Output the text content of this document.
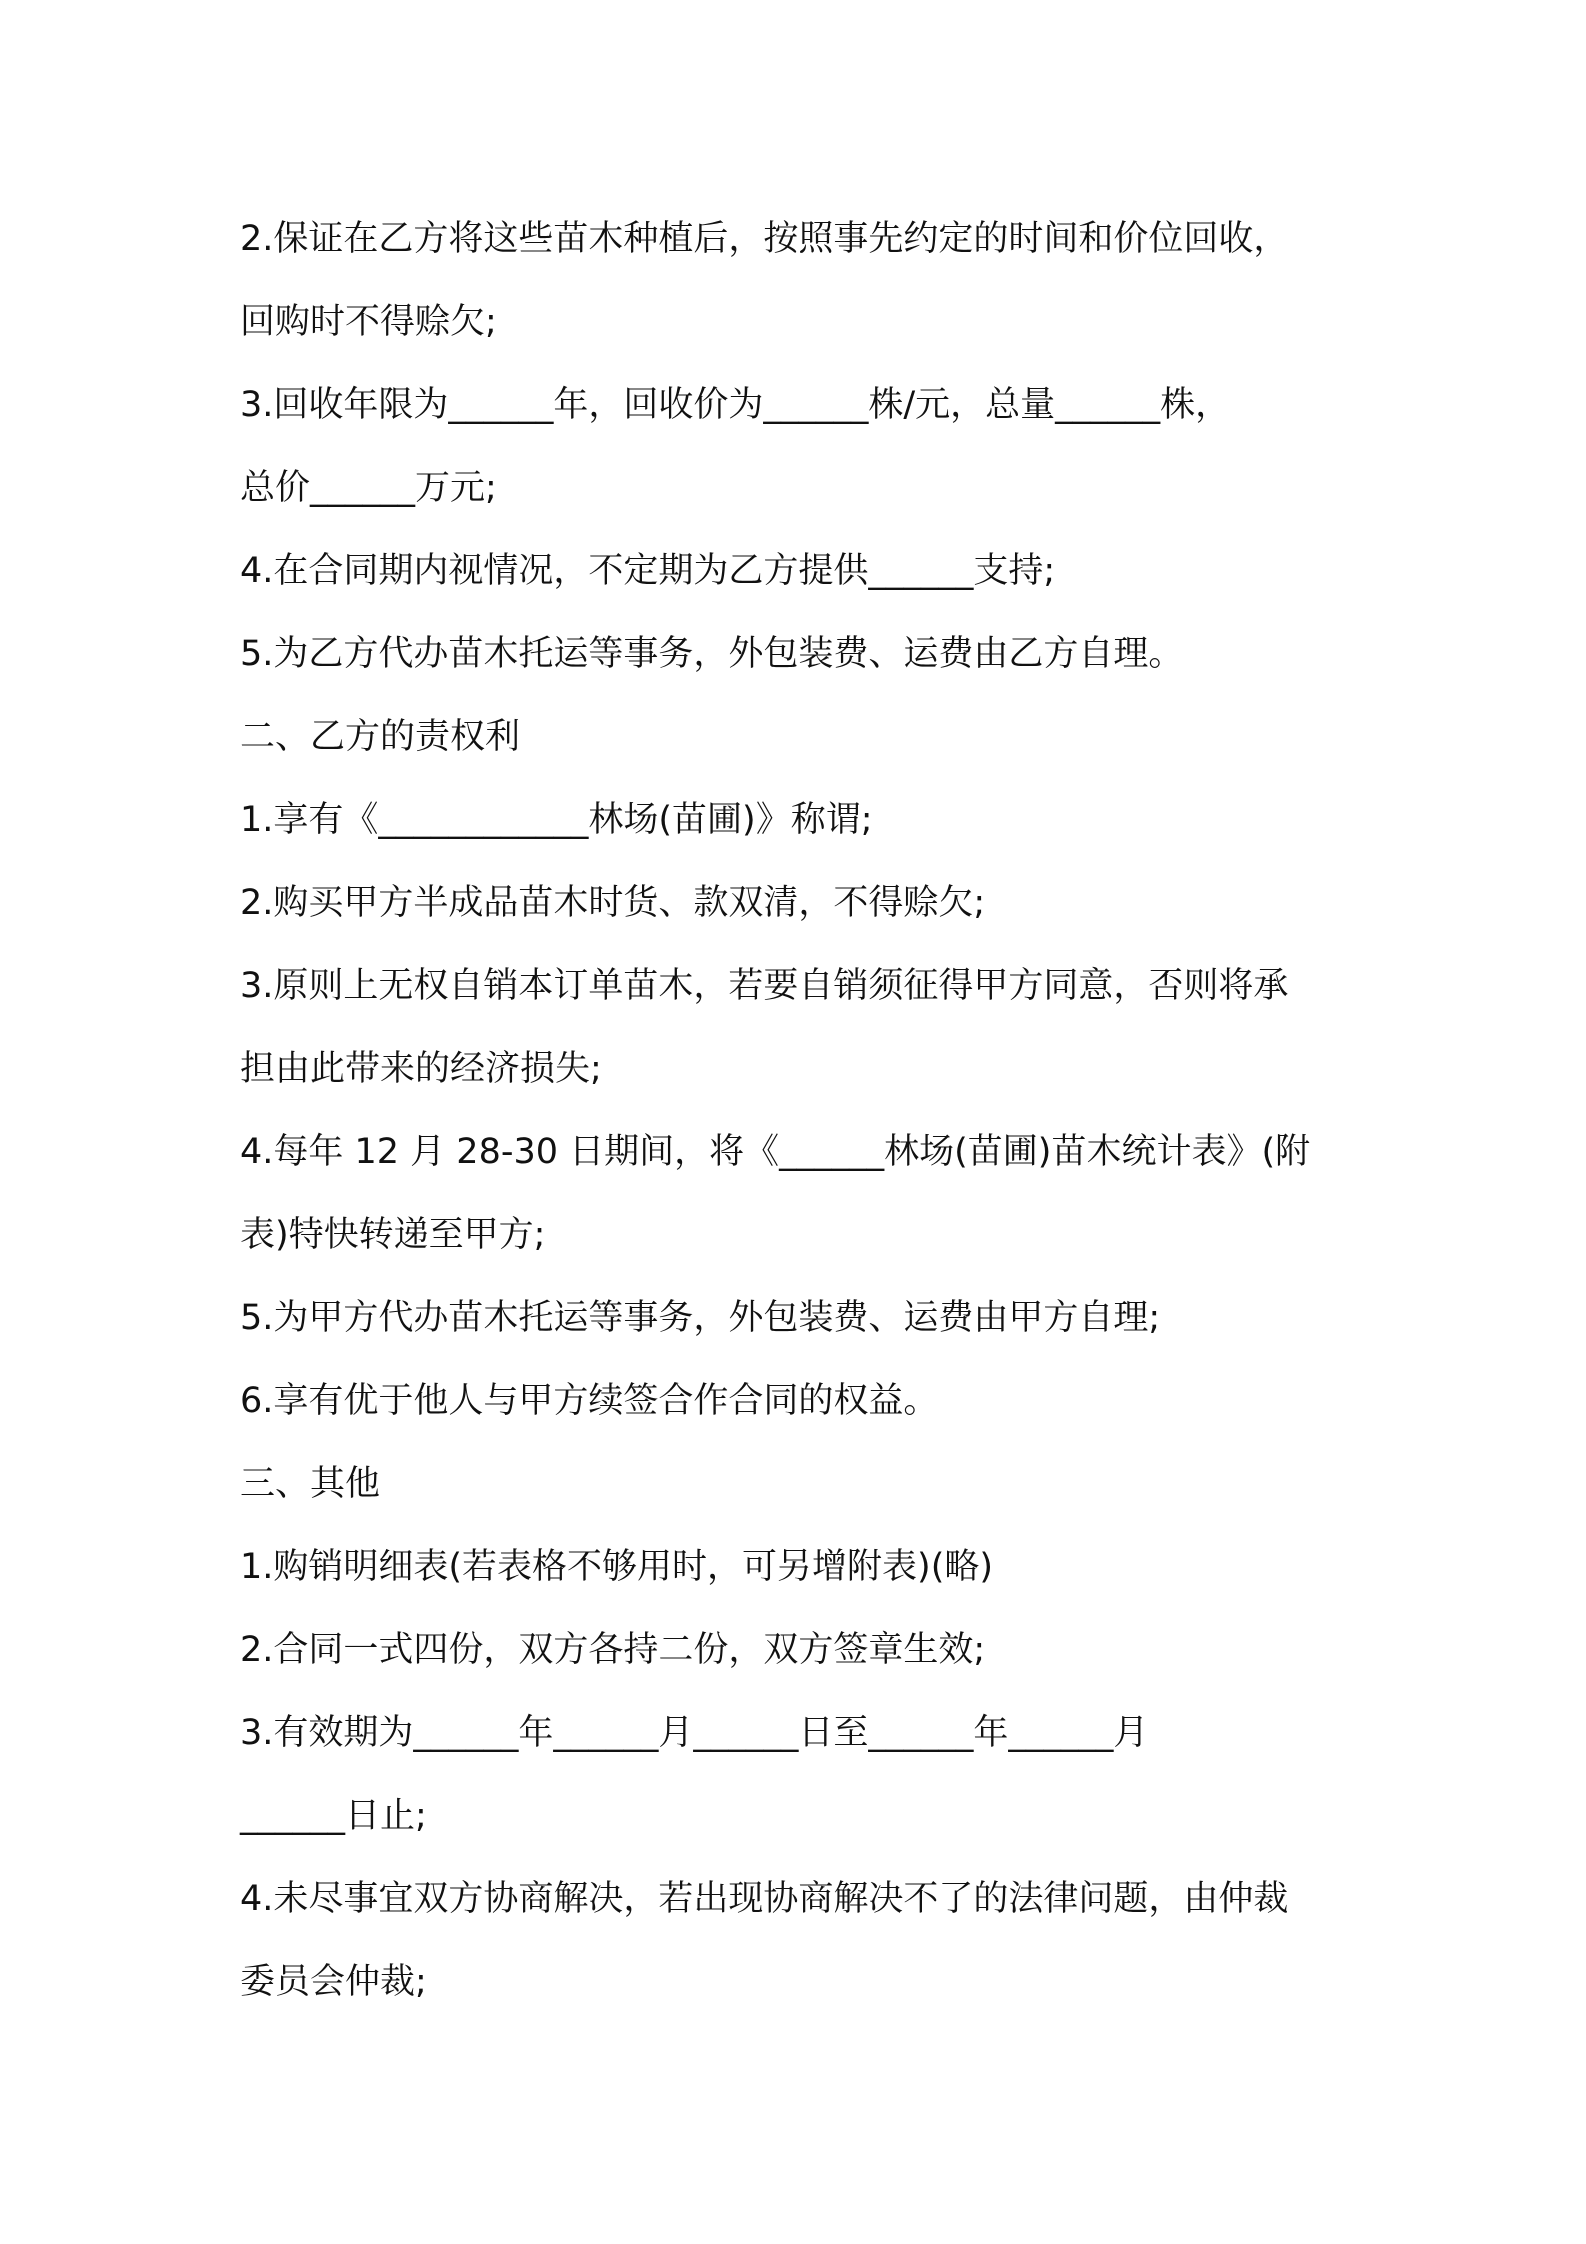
2.保证在乙方将这些苗木种植后，按照事先约定的时间和价位回收，

回购时不得赊欠;

3.回收年限为______年，回收价为______株/元，总量______株，

总价______万元;

4.在合同期内视情况，不定期为乙方提供______支持;

5.为乙方代办苗木托运等事务，外包装费、运费由乙方自理。

二、乙方的责权利

1.享有《____________林场(苗圃)》称谓;

2.购买甲方半成品苗木时货、款双清，不得赊欠;

3.原则上无权自销本订单苗木，若要自销须征得甲方同意，否则将承

担由此带来的经济损失;

4.每年 12 月 28-30 日期间，将《______林场(苗圃)苗木统计表》(附

表)特快转递至甲方;

5.为甲方代办苗木托运等事务，外包装费、运费由甲方自理;

6.享有优于他人与甲方续签合作合同的权益。

三、其他

1.购销明细表(若表格不够用时，可另增附表)(略)

2.合同一式四份，双方各持二份，双方签章生效;

3.有效期为______年______月______日至______年______月

______日止;

4.未尽事宜双方协商解决，若出现协商解决不了的法律问题，由仲裁

委员会仲裁;
